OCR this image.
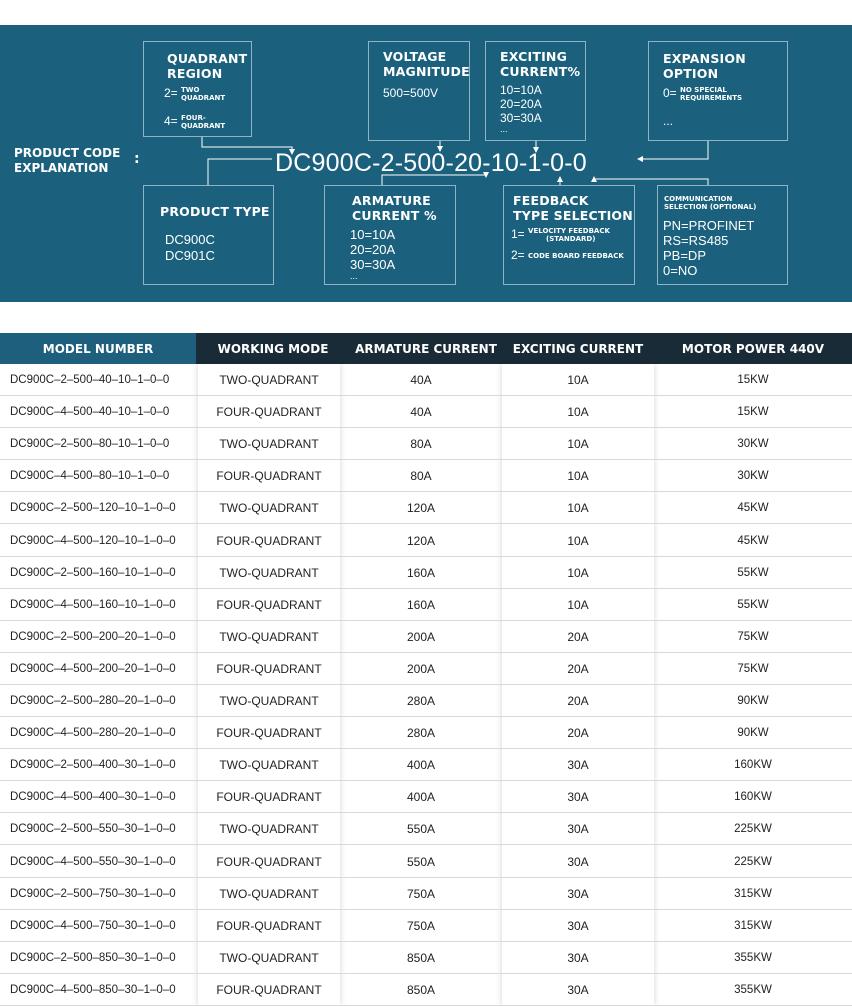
PRODUCT CODE
EXPLANATION
:	DC900C-2-500-20-10-1-0-0
QUADRANT
REGION
2= TWO
QUADRANT
4= FOUR-
QUADRANT
VOLTAGE
MAGNITUDE
500=500V
EXCITING
CURRENT%
10=10A
20=20A
30=30A
...
EXPANSION
OPTION
0= NO SPECIAL
REQUIREMENTS
...
PRODUCT TYPE
DC900C
DC901C
ARMATURE
CURRENT %
10=10A
20=20A
30=30A
...
FEEDBACK
TYPE SELECTION
1= VELOCITY FEEDBACK
(STANDARD)
2= CODE BOARD FEEDBACK
COMMUNICATION
SELECTION (OPTIONAL)
PN=PROFINET
RS=RS485
PB=DP
0=NO
MODEL NUMBER	WORKING MODE	ARMATURE CURRENT	EXCITING CURRENT	MOTOR POWER 440V
DC900C–2–500–40–10–1–0–0	TWO-QUADRANT	40A	10A	15KW
DC900C–4–500–40–10–1–0–0	FOUR-QUADRANT	40A	10A	15KW
DC900C–2–500–80–10–1–0–0	TWO-QUADRANT	80A	10A	30KW
DC900C–4–500–80–10–1–0–0	FOUR-QUADRANT	80A	10A	30KW
DC900C–2–500–120–10–1–0–0	TWO-QUADRANT	120A	10A	45KW
DC900C–4–500–120–10–1–0–0	FOUR-QUADRANT	120A	10A	45KW
DC900C–2–500–160–10–1–0–0	TWO-QUADRANT	160A	10A	55KW
DC900C–4–500–160–10–1–0–0	FOUR-QUADRANT	160A	10A	55KW
DC900C–2–500–200–20–1–0–0	TWO-QUADRANT	200A	20A	75KW
DC900C–4–500–200–20–1–0–0	FOUR-QUADRANT	200A	20A	75KW
DC900C–2–500–280–20–1–0–0	TWO-QUADRANT	280A	20A	90KW
DC900C–4–500–280–20–1–0–0	FOUR-QUADRANT	280A	20A	90KW
DC900C–2–500–400–30–1–0–0	TWO-QUADRANT	400A	30A	160KW
DC900C–4–500–400–30–1–0–0	FOUR-QUADRANT	400A	30A	160KW
DC900C–2–500–550–30–1–0–0	TWO-QUADRANT	550A	30A	225KW
DC900C–4–500–550–30–1–0–0	FOUR-QUADRANT	550A	30A	225KW
DC900C–2–500–750–30–1–0–0	TWO-QUADRANT	750A	30A	315KW
DC900C–4–500–750–30–1–0–0	FOUR-QUADRANT	750A	30A	315KW
DC900C–2–500–850–30–1–0–0	TWO-QUADRANT	850A	30A	355KW
DC900C–4–500–850–30–1–0–0	FOUR-QUADRANT	850A	30A	355KW
